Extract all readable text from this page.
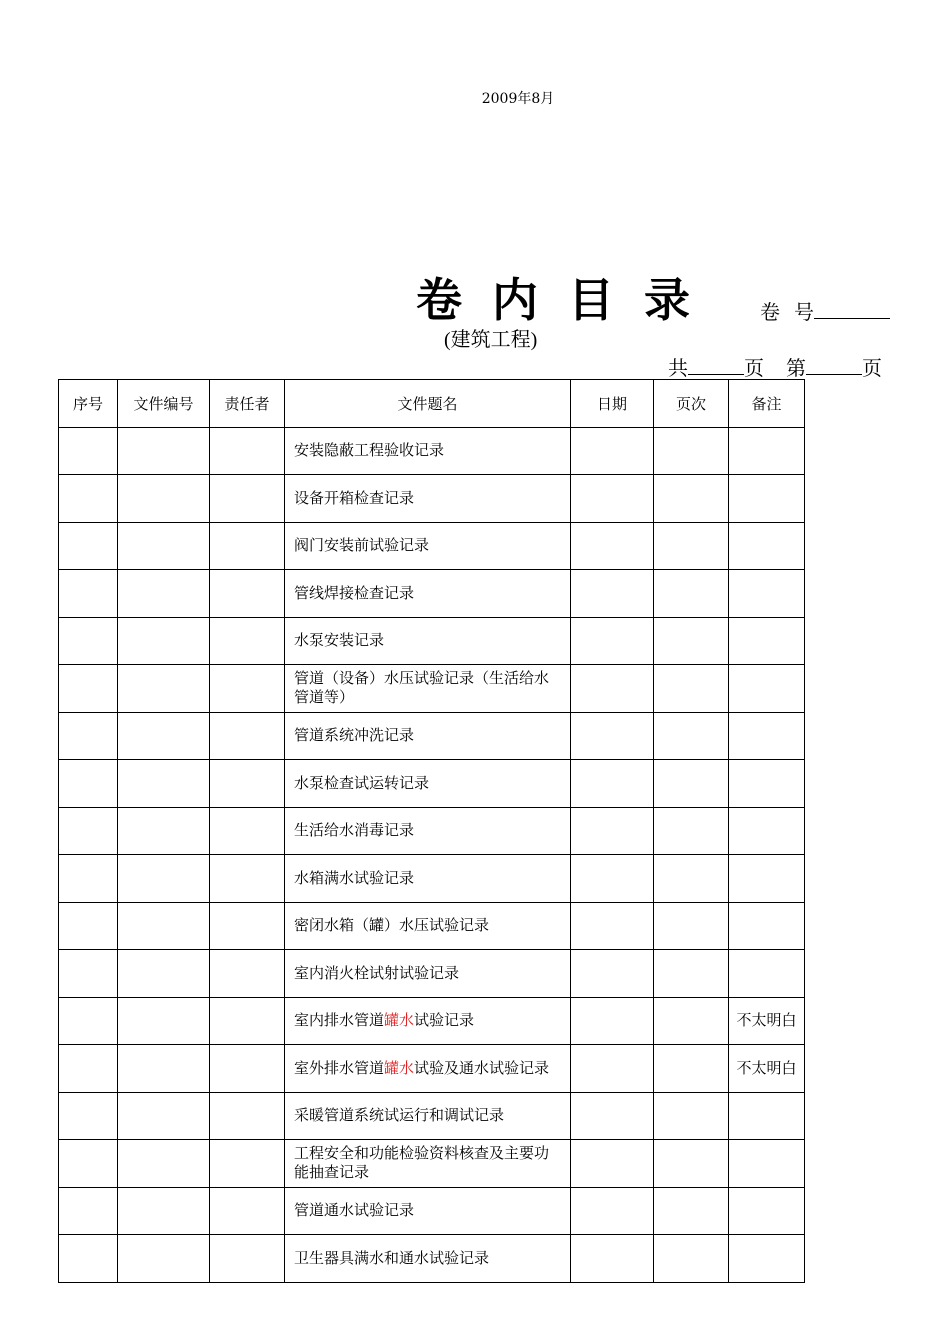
2009年8月
卷内目录 卷 号
(建筑工程)
共	页 第	页
序号	文件编号	责任者	文件题名	日期	页次	备注
			安装隐蔽工程验收记录			
			设备开箱检查记录			
			阀门安装前试验记录			
			管线焊接检查记录			
			水泵安装记录			
			管道（设备）水压试验记录（生活给水管道等）			
			管道系统冲洗记录			
			水泵检查试运转记录			
			生活给水消毒记录			
			水箱满水试验记录			
			密闭水箱（罐）水压试验记录			
			室内消火栓试射试验记录			
			室内排水管道罐水试验记录			不太明白
			室外排水管道罐水试验及通水试验记录			不太明白
			采暖管道系统试运行和调试记录			
			工程安全和功能检验资料核查及主要功能抽查记录			
			管道通水试验记录			
			卫生器具满水和通水试验记录			
